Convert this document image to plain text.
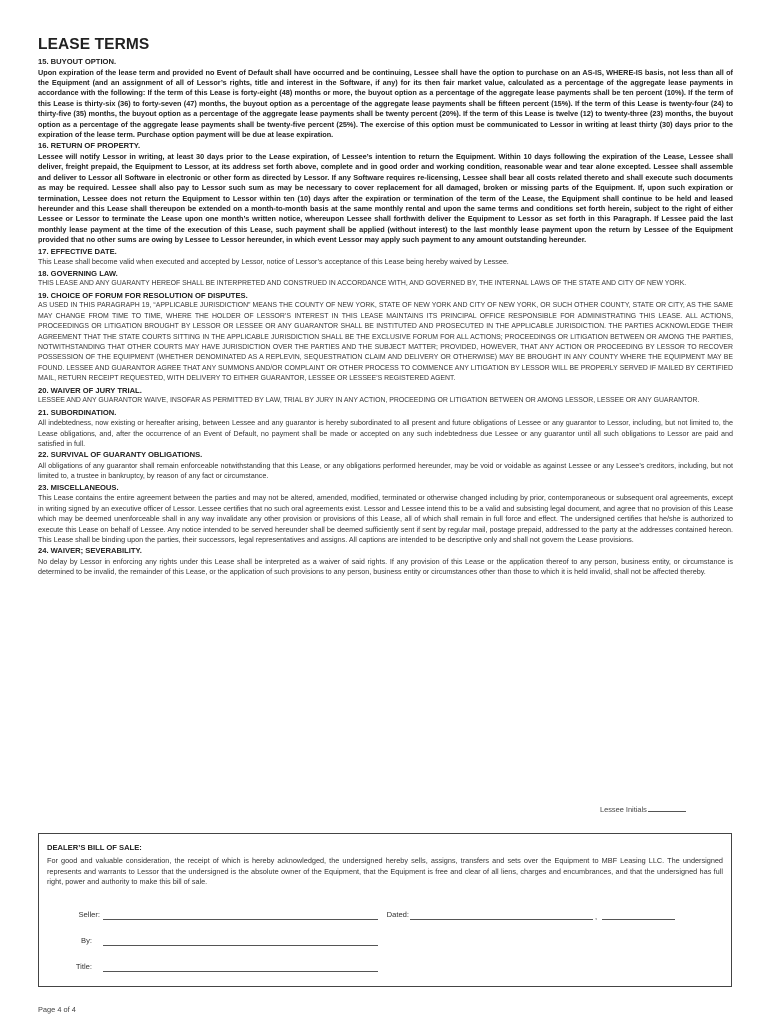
LEASE TERMS
15. BUYOUT OPTION.

Upon expiration of the lease term and provided no Event of Default shall have occurred and be continuing, Lessee shall have the option to purchase on an AS-IS, WHERE-IS basis, not less than all of the Equipment (and an assignment of all of Lessor’s rights, title and interest in the Software, if any) for its then fair market value, calculated as a percentage of the aggregate lease payments in accordance with the following: If the term of this Lease is forty-eight (48) months or more, the buyout option as a percentage of the aggregate lease payments shall be ten percent (10%). If the term of this Lease is thirty-six (36) to forty-seven (47) months, the buyout option as a percentage of the aggregate lease payments shall be fifteen percent (15%). If the term of this Lease is twenty-four (24) to thirty-five (35) months, the buyout option as a percentage of the aggregate lease payments shall be twenty percent (20%). If the term of this Lease is twelve (12) to twenty-three (23) months, the buyout option as a percentage of the aggregate lease payments shall be twenty-five percent (25%). The exercise of this option must be communicated to Lessor in writing at least thirty (30) days prior to the expiration of the lease term. Purchase option payment will be due at lease expiration.

16. RETURN OF PROPERTY.

Lessee will notify Lessor in writing, at least 30 days prior to the Lease expiration, of Lessee’s intention to return the Equipment. Within 10 days following the expiration of the Lease, Lessee shall deliver, freight prepaid, the Equipment to Lessor, at its address set forth above, complete and in good order and working condition, reasonable wear and tear alone excepted. Lessee shall assemble and deliver to Lessor all Software in electronic or other form as directed by Lessor. If any Software requires re-licensing, Lessee shall bear all costs related thereto and shall execute such documents as may be required. Lessee shall also pay to Lessor such sum as may be necessary to cover replacement for all damaged, broken or missing parts of the Equipment. If, upon such expiration or termination, Lessee does not return the Equipment to Lessor within ten (10) days after the expiration or termination of the term of the Lease, the Equipment shall continue to be held and leased hereunder and this Lease shall thereupon be extended on a month-to-month basis at the same monthly rental and upon the same terms and conditions set forth herein, subject to the right of either Lessee or Lessor to terminate the Lease upon one month’s written notice, whereupon Lessee shall forthwith deliver the Equipment to Lessor as set forth in this Paragraph. If Lessee paid the last monthly lease payment at the time of the execution of this Lease, such payment shall be applied (without interest) to the last monthly lease payment upon the return by Lessee of the Equipment provided that no other sums are owing by Lessee to Lessor hereunder, in which event Lessor may apply such payment to any amount outstanding hereunder.

17. EFFECTIVE DATE.

This Lease shall become valid when executed and accepted by Lessor, notice of Lessor’s acceptance of this Lease being hereby waived by Lessee.

18. GOVERNING LAW.

THIS LEASE AND ANY GUARANTY HEREOF SHALL BE INTERPRETED AND CONSTRUED IN ACCORDANCE WITH, AND GOVERNED BY, THE INTERNAL LAWS OF THE STATE AND CITY OF NEW YORK.

19. CHOICE OF FORUM FOR RESOLUTION OF DISPUTES.

AS USED IN THIS PARAGRAPH 19, “APPLICABLE JURISDICTION” MEANS THE COUNTY OF NEW YORK, STATE OF NEW YORK AND CITY OF NEW YORK, OR SUCH OTHER COUNTY, STATE OR CITY, AS THE SAME MAY CHANGE FROM TIME TO TIME, WHERE THE HOLDER OF LESSOR’S INTEREST IN THIS LEASE MAINTAINS ITS PRINCIPAL OFFICE RESPONSIBLE FOR ADMINISTRATING THIS LEASE. ALL ACTIONS, PROCEEDINGS OR LITIGATION BROUGHT BY LESSOR OR LESSEE OR ANY GUARANTOR SHALL BE INSTITUTED AND PROSECUTED IN THE APPLICABLE JURISDICTION. THE PARTIES ACKNOWLEDGE THEIR AGREEMENT THAT THE STATE COURTS SITTING IN THE APPLICABLE JURISDICTION SHALL BE THE EXCLUSIVE FORUM FOR ALL ACTIONS; PROCEEDINGS OR LITIGATION BETWEEN OR AMONG THE PARTIES, NOTWITHSTANDING THAT OTHER COURTS MAY HAVE JURISDICTION OVER THE PARTIES AND THE SUBJECT MATTER; PROVIDED, HOWEVER, THAT ANY ACTION OR PROCEEDING BY LESSOR TO RECOVER POSSESSION OF THE EQUIPMENT (WHETHER DENOMINATED AS A REPLEVIN, SEQUESTRATION CLAIM AND DELIVERY OR OTHERWISE) MAY BE BROUGHT IN ANY COUNTY WHERE THE EQUIPMENT MAY BE FOUND. LESSEE AND GUARANTOR AGREE THAT ANY SUMMONS AND/OR COMPLAINT OR OTHER PROCESS TO COMMENCE ANY LITIGATION BY LESSOR WILL BE PROPERLY SERVED IF MAILED BY CERTIFIED MAIL, RETURN RECEIPT REQUESTED, WITH DELIVERY TO EITHER GUARANTOR, LESSEE OR LESSEE’S REGISTERED AGENT.

20. WAIVER OF JURY TRIAL.

LESSEE AND ANY GUARANTOR WAIVE, INSOFAR AS PERMITTED BY LAW, TRIAL BY JURY IN ANY ACTION, PROCEEDING OR LITIGATION BETWEEN OR AMONG LESSOR, LESSEE OR ANY GUARANTOR.

21. SUBORDINATION.

All indebtedness, now existing or hereafter arising, between Lessee and any guarantor is hereby subordinated to all present and future obligations of Lessee or any guarantor to Lessor, including, but not limited to, the Lease obligations, and, after the occurrence of an Event of Default, no payment shall be made or accepted on any such indebtedness due Lessee or any guarantor until all such obligations to Lessor are paid and satisfied in full.

22. SURVIVAL OF GUARANTY OBLIGATIONS.

All obligations of any guarantor shall remain enforceable notwithstanding that this Lease, or any obligations performed hereunder, may be void or voidable as against Lessee or any Lessee’s creditors, including, but not limited to, a trustee in bankruptcy, by reason of any fact or circumstance.

23. MISCELLANEOUS.

This Lease contains the entire agreement between the parties and may not be altered, amended, modified, terminated or otherwise changed including by prior, contemporaneous or subsequent oral agreements, except in writing signed by an executive officer of Lessor. Lessee certifies that no such oral agreements exist. Lessor and Lessee intend this to be a valid and subsisting legal document, and agree that no provision of this Lease which may be deemed unenforceable shall in any way invalidate any other provision or provisions of this Lease, all of which shall remain in full force and effect. The undersigned certifies that he/she is authorized to execute this Lease on behalf of Lessee. Any notice intended to be served hereunder shall be deemed sufficiently sent if sent by regular mail, postage prepaid, addressed to the party at the addresses contained hereon. This Lease shall be binding upon the parties, their successors, legal representatives and assigns. All captions are intended to be descriptive only and shall not govern the Lease provisions.

24. WAIVER; SEVERABILITY.

No delay by Lessor in enforcing any rights under this Lease shall be interpreted as a waiver of said rights. If any provision of this Lease or the application thereof to any person, business entity, or circumstance is determined to be invalid, the remainder of this Lease, or the application of such provisions to any person, business entity or circumstances other than those to which it is held invalid, shall not be affected thereby.

Lessee Initials
DEALER’S BILL OF SALE:

For good and valuable consideration, the receipt of which is hereby acknowledged, the undersigned hereby sells, assigns, transfers and sets over the Equipment to MBF Leasing LLC. The undersigned represents and warrants to Lessor that the undersigned is the absolute owner of the Equipment, that the Equipment is free and clear of all liens, charges and encumbrances, and that the undersigned has full right, power and authority to make this bill of sale.

Seller:	Dated:	,
By:
Title:
Page 4 of 4
